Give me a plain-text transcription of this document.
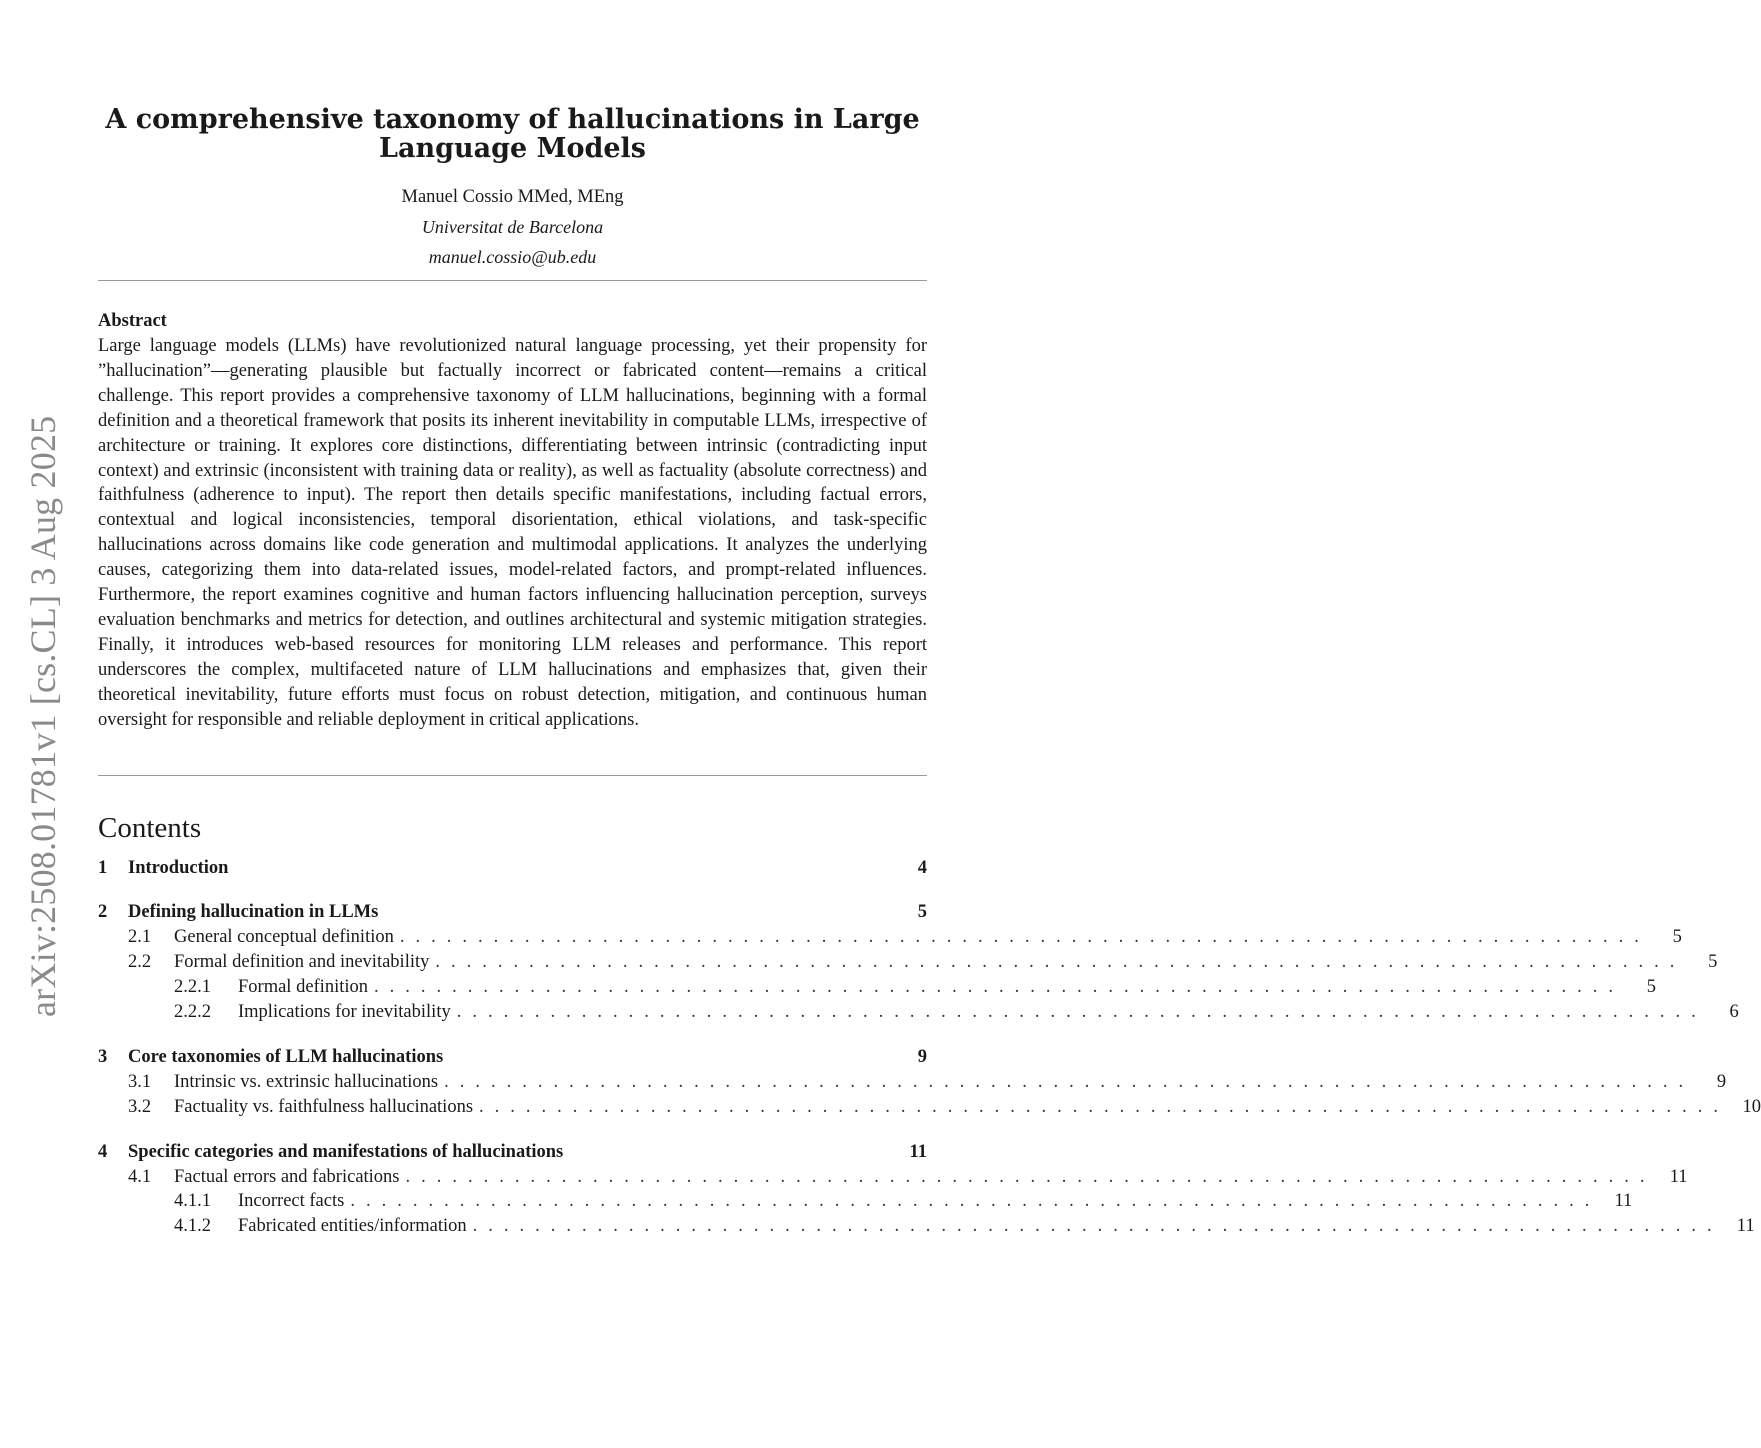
arXiv:2508.01781v1 [cs.CL] 3 Aug 2025
A comprehensive taxonomy of hallucinations in Large Language Models
Manuel Cossio MMed, MEng
Universitat de Barcelona
manuel.cossio@ub.edu
Abstract

Large language models (LLMs) have revolutionized natural language processing, yet their propensity for ”hallucination”—generating plausible but factually incorrect or fabricated content—remains a critical challenge. This report provides a comprehensive taxonomy of LLM hallucinations, beginning with a formal definition and a theoretical framework that posits its inherent inevitability in computable LLMs, irrespective of architecture or training. It explores core distinctions, differentiating between intrinsic (contradicting input context) and extrinsic (inconsistent with training data or reality), as well as factuality (absolute correctness) and faithfulness (adherence to input). The report then details specific manifestations, including factual errors, contextual and logical inconsistencies, temporal disorientation, ethical violations, and task-specific hallucinations across domains like code generation and multimodal applications. It analyzes the underlying causes, categorizing them into data-related issues, model-related factors, and prompt-related influences. Furthermore, the report examines cognitive and human factors influencing hallucination perception, surveys evaluation benchmarks and metrics for detection, and outlines architectural and systemic mitigation strategies. Finally, it introduces web-based resources for monitoring LLM releases and performance. This report underscores the complex, multifaceted nature of LLM hallucinations and emphasizes that, given their theoretical inevitability, future efforts must focus on robust detection, mitigation, and continuous human oversight for responsible and reliable deployment in critical applications.

Contents
1	Introduction	4
2	Defining hallucination in LLMs	5
2.1	General conceptual definition ................................................................................	5
2.2	Formal definition and inevitability ................................................................................	5
2.2.1	Formal definition ................................................................................	5
2.2.2	Implications for inevitability ................................................................................	6
3	Core taxonomies of LLM hallucinations	9
3.1	Intrinsic vs. extrinsic hallucinations ................................................................................	9
3.2	Factuality vs. faithfulness hallucinations ................................................................................ 10
4	Specific categories and manifestations of hallucinations	11
4.1	Factual errors and fabrications ................................................................................ 11
4.1.1	Incorrect facts ................................................................................ 11
4.1.2	Fabricated entities/information ................................................................................ 11
